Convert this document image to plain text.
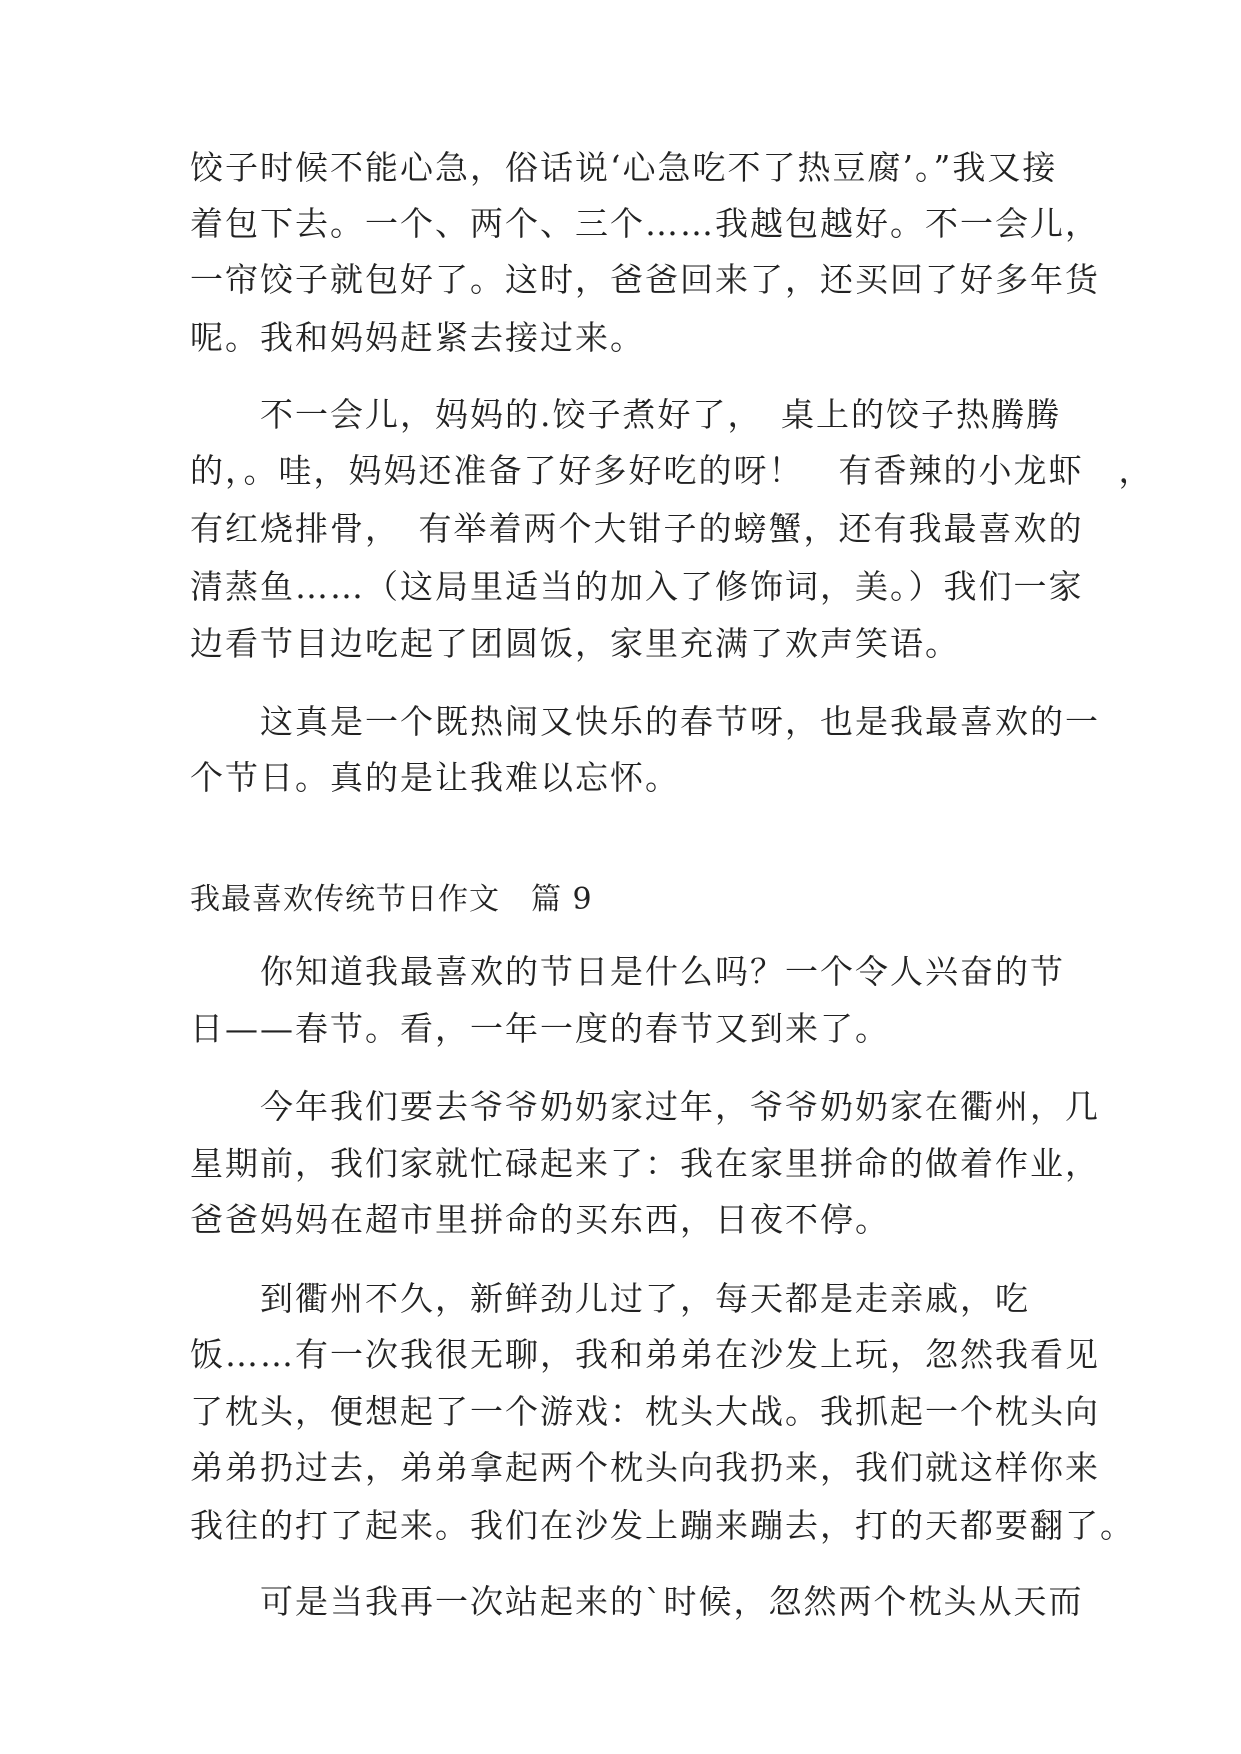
饺子时候不能心急，俗话说‘心急吃不了热豆腐’。”我又接
着包下去。一个、两个、三个……我越包越好。不一会儿，
一帘饺子就包好了。这时，爸爸回来了，还买回了好多年货
呢。我和妈妈赶紧去接过来。
　　不一会儿，妈妈的.饺子煮好了，　桌上的饺子热腾腾
的，。哇，妈妈还准备了好多好吃的呀！　有香辣的小龙虾　，
有红烧排骨，　有举着两个大钳子的螃蟹，还有我最喜欢的
清蒸鱼……（这局里适当的加入了修饰词，美。）我们一家
边看节目边吃起了团圆饭，家里充满了欢声笑语。
　　这真是一个既热闹又快乐的春节呀，也是我最喜欢的一
个节日。真的是让我难以忘怀。
我最喜欢传统节日作文　篇 9
　　你知道我最喜欢的节日是什么吗？一个令人兴奋的节
日——春节。看，一年一度的春节又到来了。
　　今年我们要去爷爷奶奶家过年，爷爷奶奶家在衢州，几
星期前，我们家就忙碌起来了：我在家里拼命的做着作业，
爸爸妈妈在超市里拼命的买东西，日夜不停。
　　到衢州不久，新鲜劲儿过了，每天都是走亲戚，吃
饭……有一次我很无聊，我和弟弟在沙发上玩，忽然我看见
了枕头，便想起了一个游戏：枕头大战。我抓起一个枕头向
弟弟扔过去，弟弟拿起两个枕头向我扔来，我们就这样你来
我往的打了起来。我们在沙发上蹦来蹦去，打的天都要翻了。
　　可是当我再一次站起来的`时候，忽然两个枕头从天而
